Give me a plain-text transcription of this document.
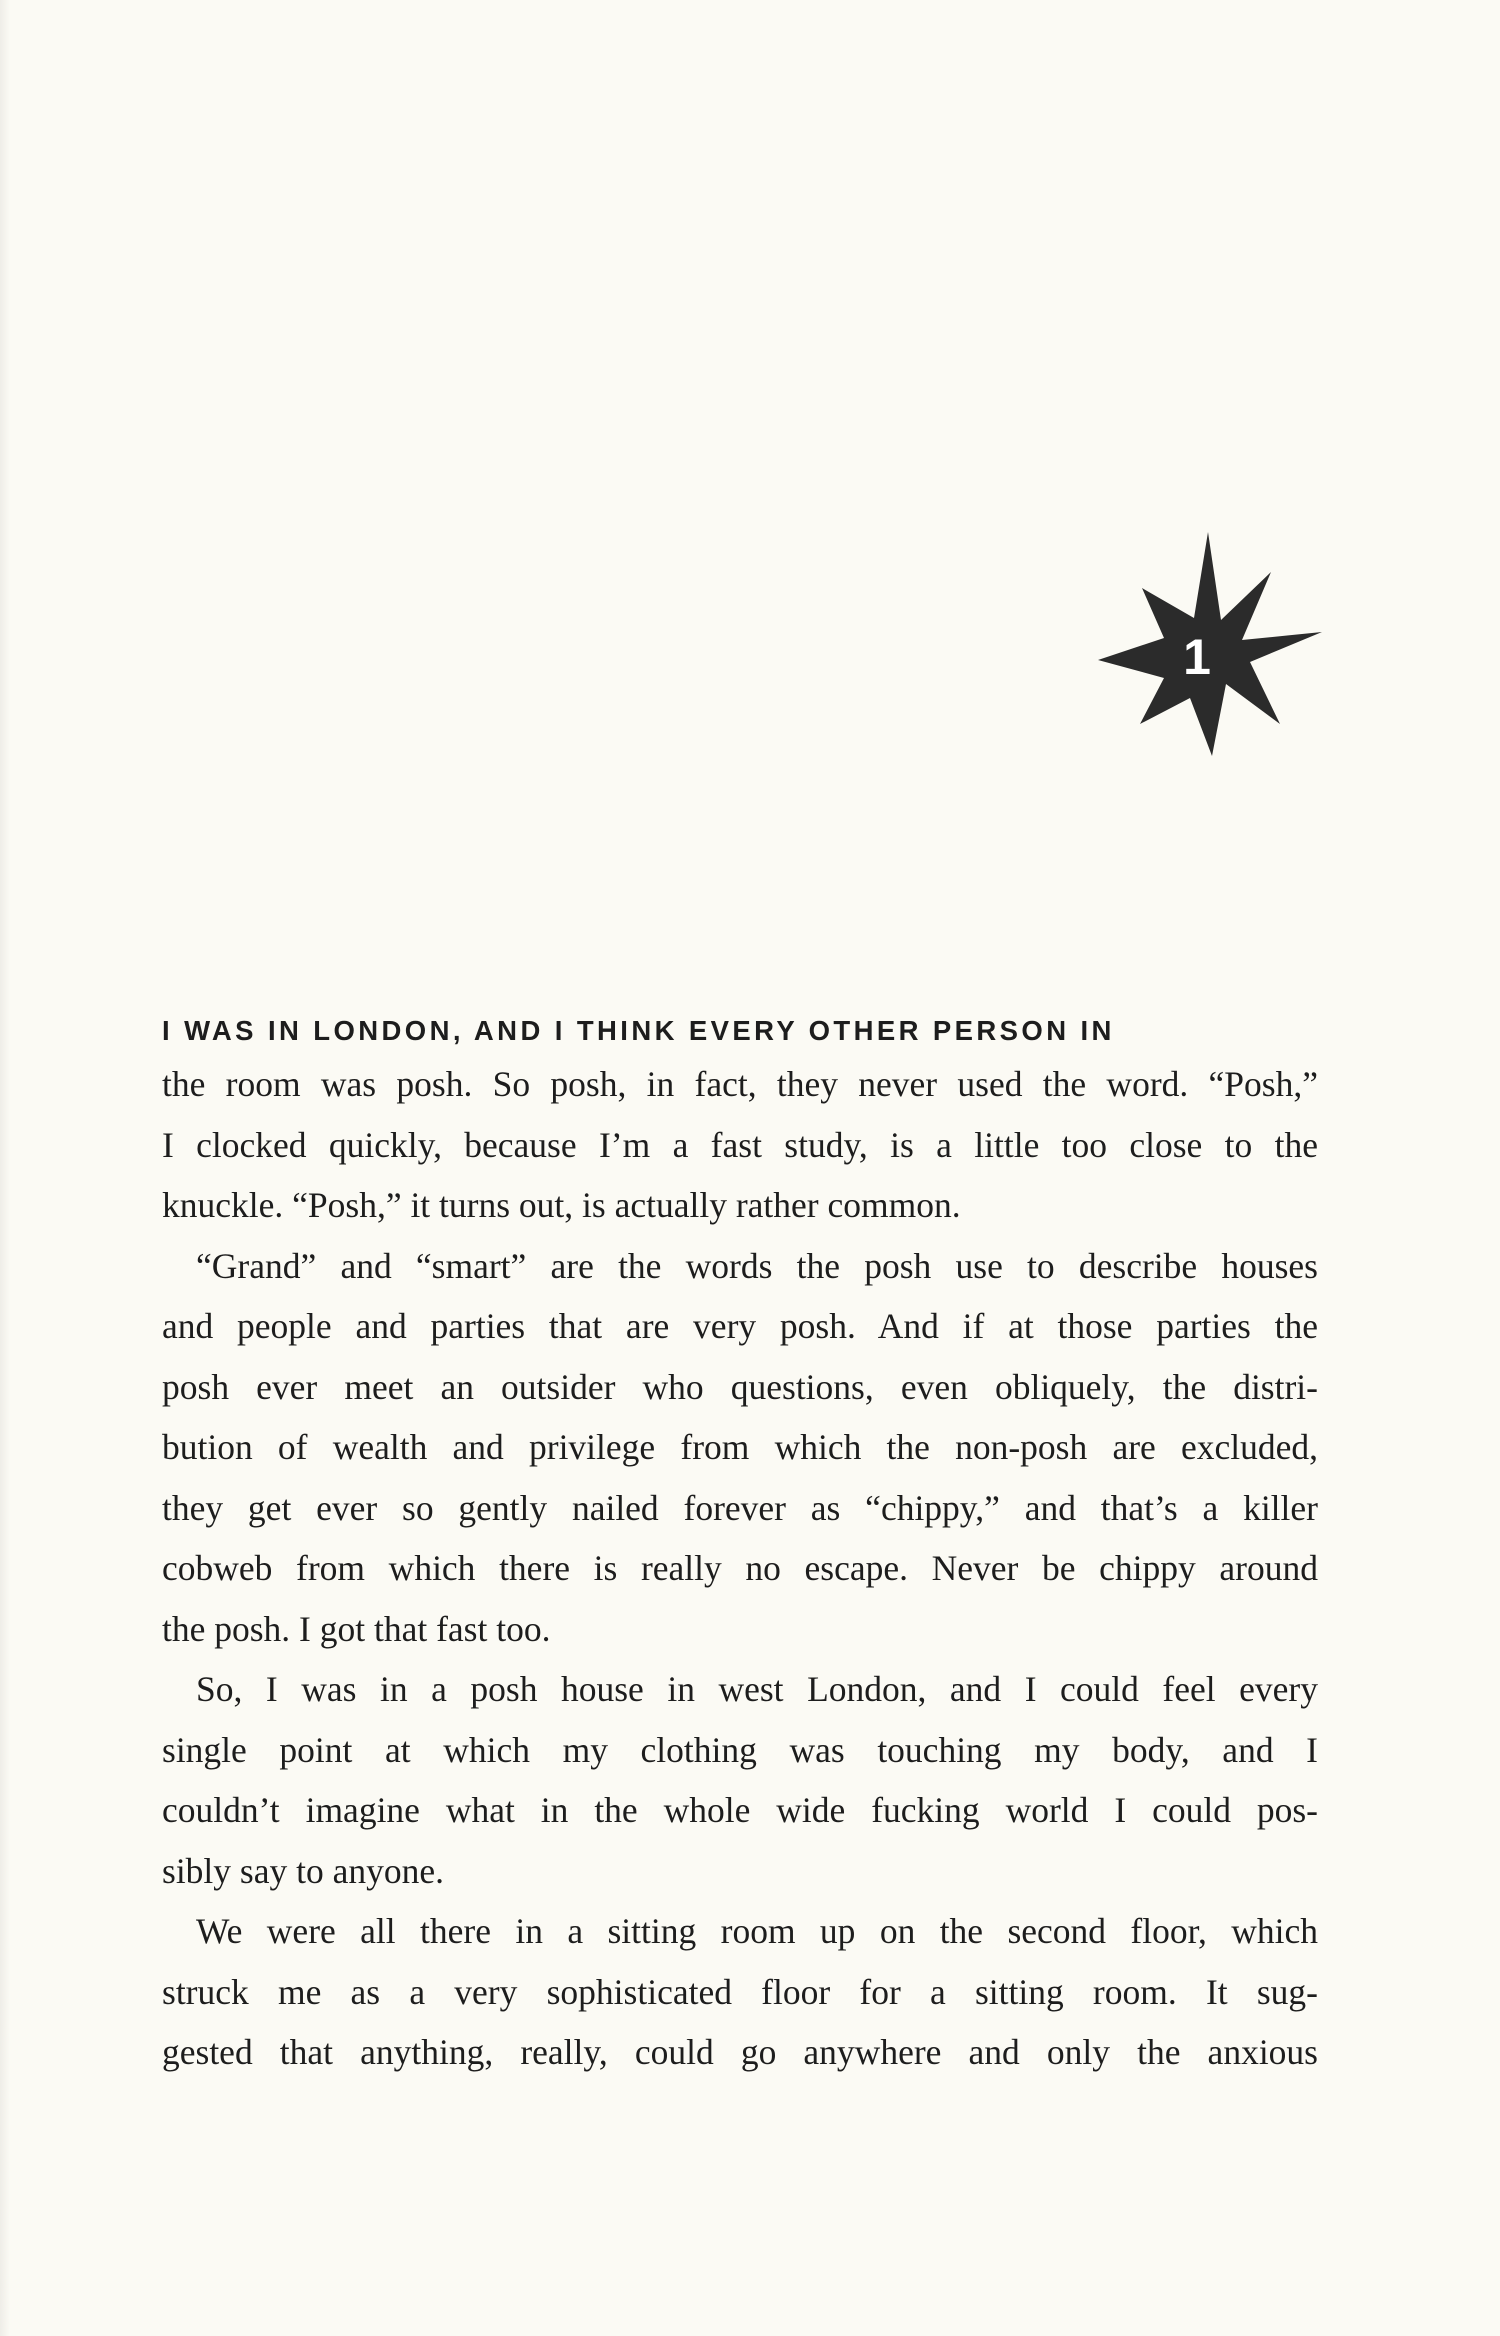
1

I WAS IN LONDON, AND I THINK EVERY OTHER PERSON IN

the room was posh. So posh, in fact, they never used the word. “Posh,”

I clocked quickly, because I’m a fast study, is a little too close to the

knuckle. “Posh,” it turns out, is actually rather common.

“Grand” and “smart” are the words the posh use to describe houses

and people and parties that are very posh. And if at those parties the

posh ever meet an outsider who questions, even obliquely, the distri-

bution of wealth and privilege from which the non-posh are excluded,

they get ever so gently nailed forever as “chippy,” and that’s a killer

cobweb from which there is really no escape. Never be chippy around

the posh. I got that fast too.

So, I was in a posh house in west London, and I could feel every

single point at which my clothing was touching my body, and I

couldn’t imagine what in the whole wide fucking world I could pos-

sibly say to anyone.

We were all there in a sitting room up on the second floor, which

struck me as a very sophisticated floor for a sitting room. It sug-

gested that anything, really, could go anywhere and only the anxious
